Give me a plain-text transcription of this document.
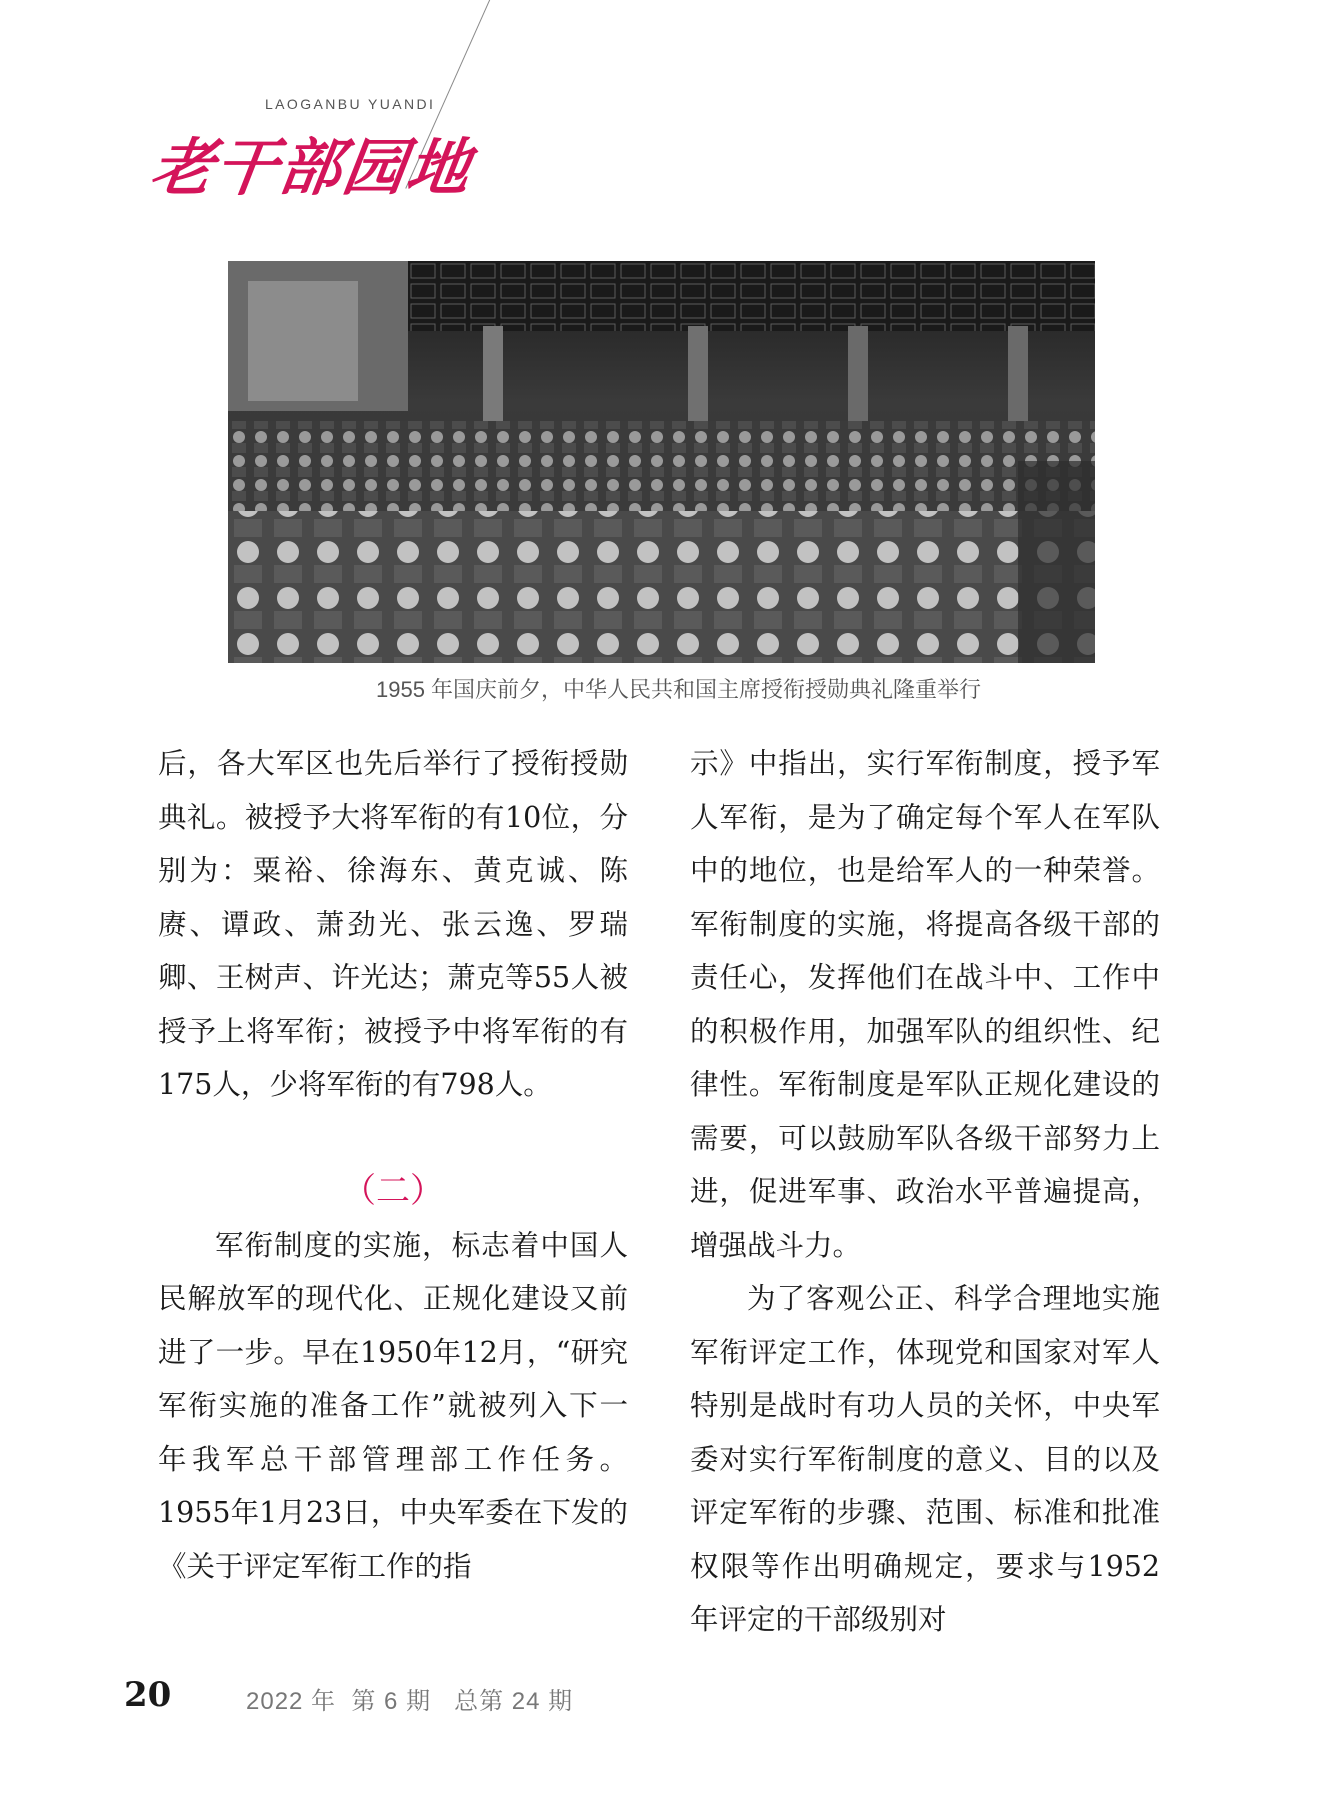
LAOGANBU YUANDI
老干部园地
1955 年国庆前夕，中华人民共和国主席授衔授勋典礼隆重举行

后，各大军区也先后举行了授衔授勋典礼。被授予大将军衔的有10位，分别为：粟裕、徐海东、黄克诚、陈赓、谭政、萧劲光、张云逸、罗瑞卿、王树声、许光达；萧克等55人被授予上将军衔；被授予中将军衔的有175人，少将军衔的有798人。

（二）

军衔制度的实施，标志着中国人民解放军的现代化、正规化建设又前进了一步。早在1950年12月，“研究军衔实施的准备工作”就被列入下一年我军总干部管理部工作任务。1955年1月23日，中央军委在下发的《关于评定军衔工作的指

示》中指出，实行军衔制度，授予军人军衔，是为了确定每个军人在军队中的地位，也是给军人的一种荣誉。军衔制度的实施，将提高各级干部的责任心，发挥他们在战斗中、工作中的积极作用，加强军队的组织性、纪律性。军衔制度是军队正规化建设的需要，可以鼓励军队各级干部努力上进，促进军事、政治水平普遍提高，增强战斗力。

为了客观公正、科学合理地实施军衔评定工作，体现党和国家对军人特别是战时有功人员的关怀，中央军委对实行军衔制度的意义、目的以及评定军衔的步骤、范围、标准和批准权限等作出明确规定，要求与1952年评定的干部级别对

20	2022 年  第 6 期   总第 24 期
